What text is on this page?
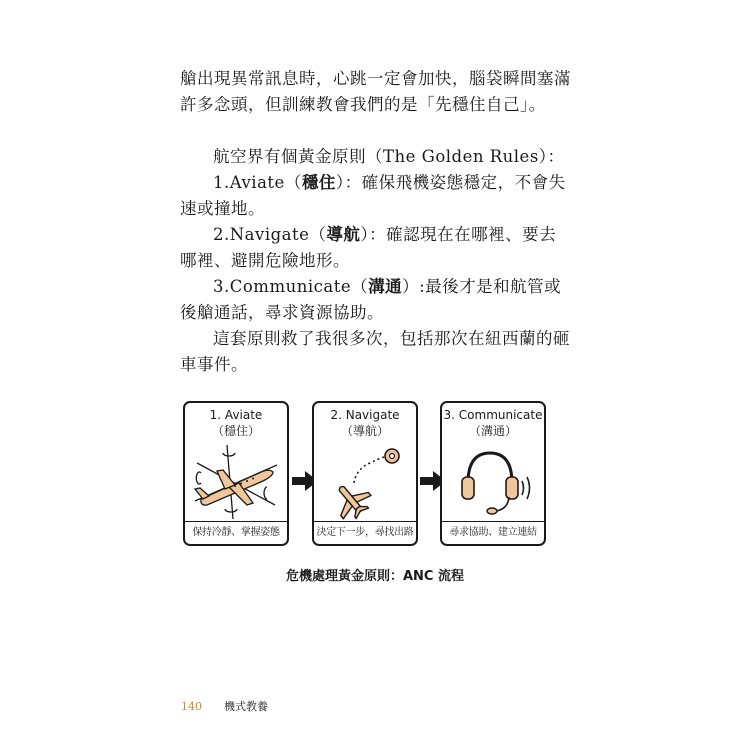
艙出現異常訊息時，心跳一定會加快，腦袋瞬間塞滿許多念頭，但訓練教會我們的是「先穩住自己」。

航空界有個黃金原則（The Golden Rules）：

1.Aviate（穩住）：確保飛機姿態穩定，不會失速或撞地。

2.Navigate（導航）：確認現在在哪裡、要去哪裡、避開危險地形。

3.Communicate（溝通）:最後才是和航管或後艙通話，尋求資源協助。

這套原則救了我很多次，包括那次在紐西蘭的砸車事件。

1. Aviate
（穩住）
保持冷靜、掌握姿態
2. Navigate
（導航）
決定下一步，尋找出路
3. Communicate
（溝通）
尋求協助、建立連結
危機處理黃金原則：ANC 流程
140 機式教養
